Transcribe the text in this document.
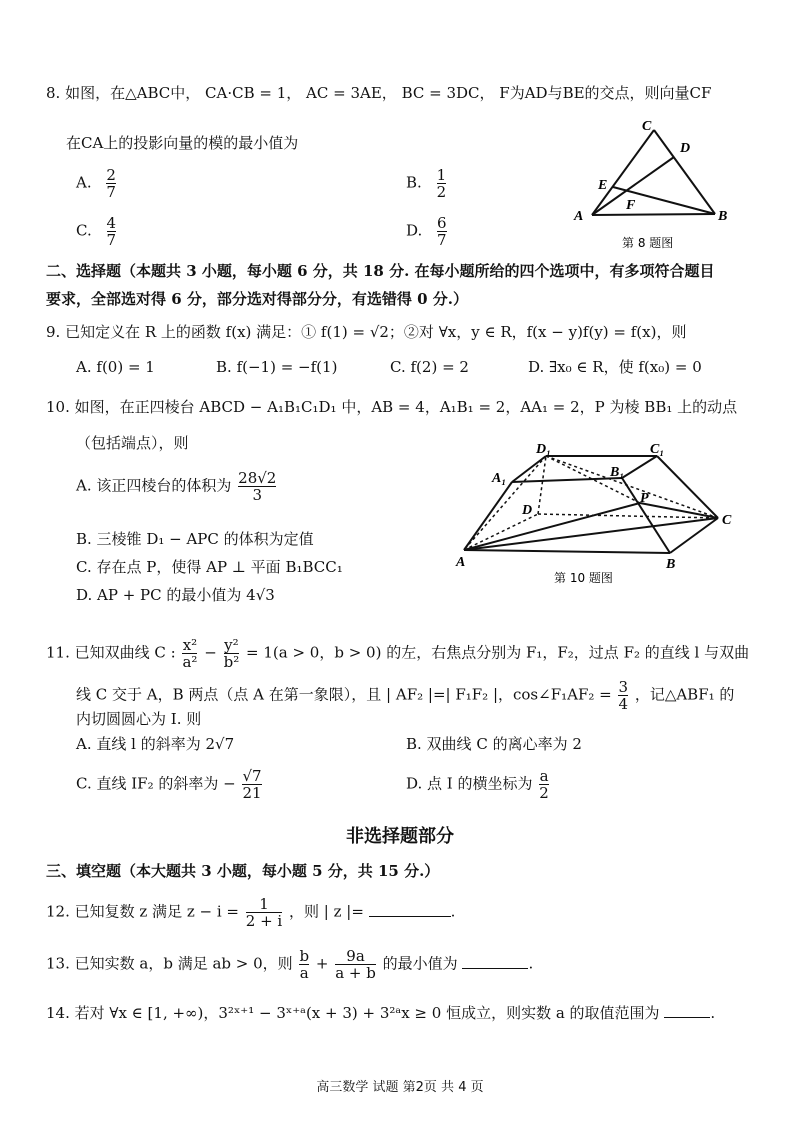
8. 如图，在△ABC中， CA·CB = 1， AC = 3AE， BC = 3DC， F为AD与BE的交点，则向量CF
在CA上的投影向量的模的最小值为
A. $\frac{2}{7}$	B. $\frac{1}{2}$
C. $\frac{4}{7}$	D. $\frac{6}{7}$
C
D
E
F
A	B
第 8 题图
二、选择题（本题共 3 小题，每小题 6 分，共 18 分. 在每小题所给的四个选项中，有多项符合题目
要求，全部选对得 6 分，部分选对得部分分，有选错得 0 分.）
9. 已知定义在 R 上的函数 f(x) 满足：① f(1) = √2；②对 ∀x，y ∈ R，f(x − y)f(y) = f(x)，则
A. f(0) = 1	B. f(−1) = −f(1)	C. f(2) = 2	D. ∃x₀ ∈ R，使 f(x₀) = 0
10. 如图，在正四棱台 ABCD − A₁B₁C₁D₁ 中，AB = 4，A₁B₁ = 2，AA₁ = 2，P 为棱 BB₁ 上的动点
（包括端点），则
A. 该正四棱台的体积为 $\frac{28√2}{3}$
B. 三棱锥 D₁ − APC 的体积为定值
C. 存在点 P，使得 AP ⊥ 平面 B₁BCC₁
D. AP + PC 的最小值为 4√3
D₁	C₁
B₁
A₁
D
P
C
A	B
第 10 题图
11. 已知双曲线 C : $\frac{\text{x²}}{\text{a²}} - \frac{\text{y²}}{\text{b²}} = 1(a > 0$，b > 0) 的左，右焦点分别为 F₁，F₂，过点 F₂ 的直线 l 与双曲
线 C 交于 A，B 两点（点 A 在第一象限），且 | AF₂ |=| F₁F₂ |，cos∠F₁AF₂ = $\frac{3}{4}$ ，记△ABF₁ 的
内切圆圆心为 I. 则
A. 直线 l 的斜率为 2√7	B. 双曲线 C 的离心率为 2
C. 直线 IF₂ 的斜率为 − $\frac{√7}{21}$	D. 点 I 的横坐标为 $\frac{a}{2}$
非选择题部分
三、填空题（本大题共 3 小题，每小题 5 分，共 15 分.）
12. 已知复数 z 满足 $z - i = \frac{1}{2 + i}$ ，则 | z |=	.
13. 已知实数 a，b 满足 ab > 0，则 $\frac{b}{a} + \frac{9a}{a + b}$ 的最小值为	.
14. 若对 ∀x ∈ [1, +∞)，3²ˣ⁺¹ − 3ˣ⁺ᵃ(x + 3) + 3²ᵃx ≥ 0 恒成立，则实数 a 的取值范围为	.
高三数学 试题 第2页 共 4 页
